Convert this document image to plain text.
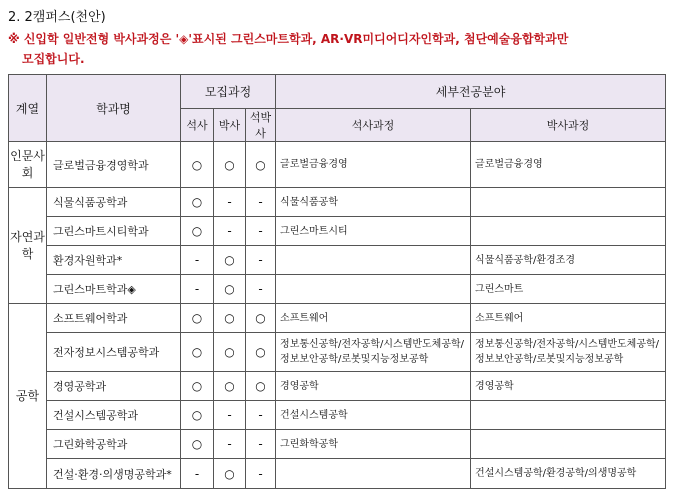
2. 2캠퍼스(천안)
※ 신입학 일반전형 박사과정은 '◈'표시된 그린스마트학과, AR·VR미디어디자인학과, 첨단예술융합학과만
모집합니다.
계열	학과명	모집과정			세부전공분야	
		석사	박사	석박사	석사과정	박사과정
인문사회	글로벌금융경영학과	○	○	○	글로벌금융경영	글로벌금융경영
자연과학	식물식품공학과	○	-	-	식물식품공학	
	그린스마트시티학과	○	-	-	그린스마트시티	
	환경자원학과*	-	○	-		식물식품공학/환경조경
	그린스마트학과◈	-	○	-		그린스마트
공학	소프트웨어학과	○	○	○	소프트웨어	소프트웨어
	전자정보시스템공학과	○	○	○	정보통신공학/전자공학/시스템반도체공학/정보보안공학/로봇및지능정보공학	정보통신공학/전자공학/시스템반도체공학/정보보안공학/로봇및지능정보공학
	경영공학과	○	○	○	경영공학	경영공학
	건설시스템공학과	○	-	-	건설시스템공학	
	그린화학공학과	○	-	-	그린화학공학	
	건설·환경·의생명공학과*	-	○	-		건설시스템공학/환경공학/의생명공학
